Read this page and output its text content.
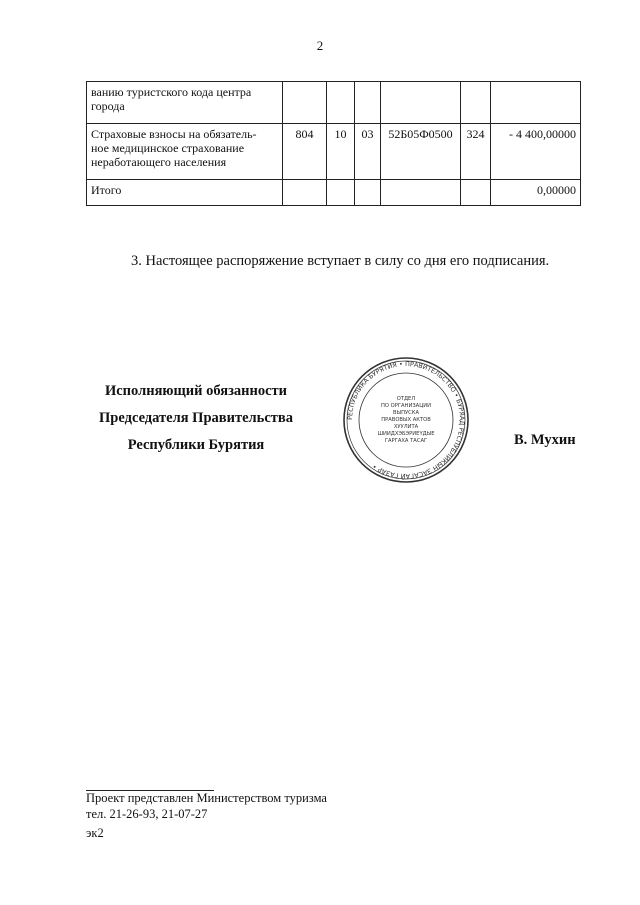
2
ванию туристского кода центра
города						

Страховые взносы на обязатель-
ное медицинское страхование
неработающего населения	804	10	03	52Б05Ф0500	324	- 4 400,00000

Итого						0,00000
3. Настоящее распоряжение вступает в силу со дня его подписания.
Исполняющий обязанности
Председателя Правительства
Республики Бурятия
РЕСПУБЛИКА БУРЯТИЯ • ПРАВИТЕЛЬСТВО • БУРЯАД РЕСПУБЛИКЫН ЗАСАГАЙ ГАЗАР •
ОТДЕЛ
ПО ОРГАНИЗАЦИИ
ВЫПУСКА
ПРАВОВЫХ АКТОВ
ХУУЛИТА
ШИИДХЭБЭРИЕҮДЫЕ
ГАРГАХА ТАСАГ	В. Мухин
Проект представлен Министерством туризма
тел. 21-26-93, 21-07-27
эк2
